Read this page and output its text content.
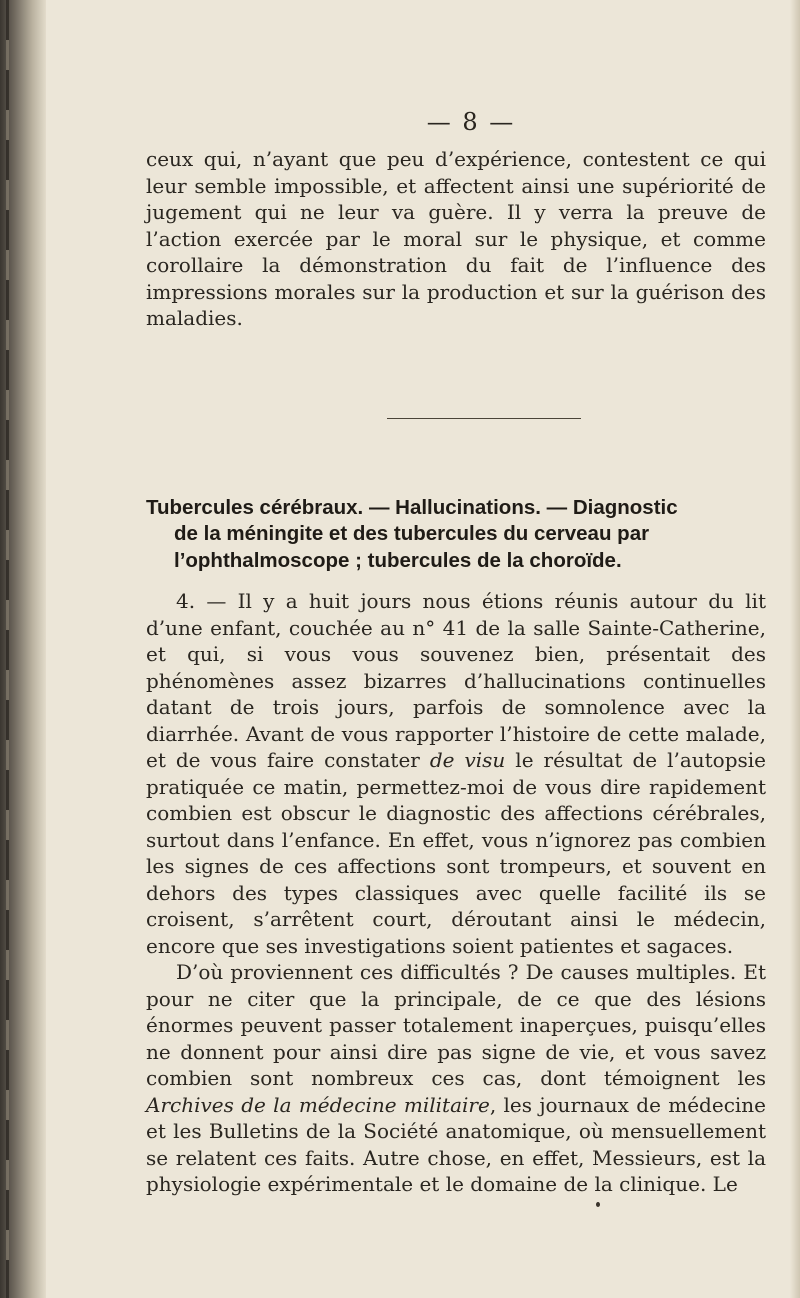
— 8 —

ceux qui, n’ayant que peu d’expérience, contestent ce qui leur semble impossible, et affectent ainsi une supériorité de jugement qui ne leur va guère. Il y verra la preuve de l’action exercée par le moral sur le physique, et comme corollaire la démonstration du fait de l’influence des impressions morales sur la production et sur la guérison des maladies.

Tubercules cérébraux. — Hallucinations. — Diagnostic
de la méningite et des tubercules du cerveau par l’ophthalmoscope ; tubercules de la choroïde.

4. — Il y a huit jours nous étions réunis autour du lit d’une enfant, couchée au n° 41 de la salle Sainte-Catherine, et qui, si vous vous souvenez bien, présentait des phénomènes assez bizarres d’hallucinations continuelles datant de trois jours, parfois de somnolence avec la diarrhée. Avant de vous rapporter l’histoire de cette malade, et de vous faire constater de visu le résultat de l’autopsie pratiquée ce matin, permettez-moi de vous dire rapidement combien est obscur le diagnostic des affections cérébrales, surtout dans l’enfance. En effet, vous n’ignorez pas combien les signes de ces affections sont trompeurs, et souvent en dehors des types classiques avec quelle facilité ils se croisent, s’arrêtent court, déroutant ainsi le médecin, encore que ses investigations soient patientes et sagaces.

D’où proviennent ces difficultés ? De causes multiples. Et pour ne citer que la principale, de ce que des lésions énormes peuvent passer totalement inaperçues, puisqu’elles ne donnent pour ainsi dire pas signe de vie, et vous savez combien sont nombreux ces cas, dont témoignent les Archives de la médecine militaire, les journaux de médecine et les Bulletins de la Société anatomique, où mensuellement se relatent ces faits. Autre chose, en effet, Messieurs, est la physiologie expérimentale et le domaine de la clinique. Le
